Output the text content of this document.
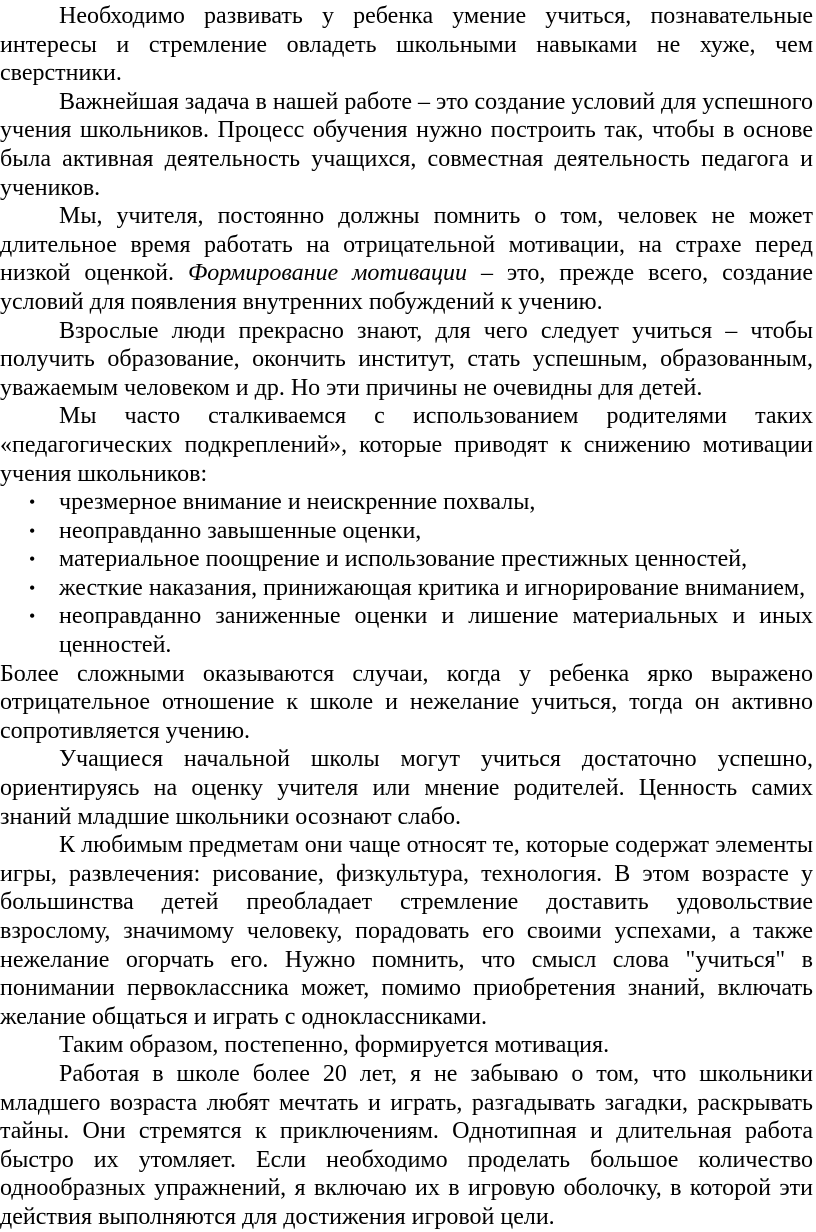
Необходимо развивать у ребенка умение учиться, познавательные интересы и стремление овладеть школьными навыками не хуже, чем сверстники.

Важнейшая задача в нашей работе – это создание условий для успешного учения школьников. Процесс обучения нужно построить так, чтобы в основе была активная деятельность учащихся, совместная деятельность педагога и учеников.

Мы, учителя, постоянно должны помнить о том, человек не может длительное время работать на отрицательной мотивации, на страхе перед низкой оценкой. Формирование мотивации – это, прежде всего, создание условий для появления внутренних побуждений к учению.

Взрослые люди прекрасно знают, для чего следует учиться – чтобы получить образование, окончить институт, стать успешным, образованным, уважаемым человеком и др. Но эти причины не очевидны для детей.

Мы часто сталкиваемся с использованием родителями таких «педагогических подкреплений», которые приводят к снижению мотивации учения школьников:

• чрезмерное внимание и неискренние похвалы,
• неоправданно завышенные оценки,
• материальное поощрение и использование престижных ценностей,
• жесткие наказания, принижающая критика и игнорирование вниманием,
• неоправданно заниженные оценки и лишение материальных и иных ценностей.

Более сложными оказываются случаи, когда у ребенка ярко выражено отрицательное отношение к школе и нежелание учиться, тогда он активно сопротивляется учению.

Учащиеся начальной школы могут учиться достаточно успешно, ориентируясь на оценку учителя или мнение родителей. Ценность самих знаний младшие школьники осознают слабо.

К любимым предметам они чаще относят те, которые содержат элементы игры, развлечения: рисование, физкультура, технология. В этом возрасте у большинства детей преобладает стремление доставить удовольствие взрослому, значимому человеку, порадовать его своими успехами, а также нежелание огорчать его. Нужно помнить, что смысл слова "учиться" в понимании первоклассника может, помимо приобретения знаний, включать желание общаться и играть с одноклассниками.

Таким образом, постепенно, формируется мотивация.

Работая в школе более 20 лет, я не забываю о том, что школьники младшего возраста любят мечтать и играть, разгадывать загадки, раскрывать тайны. Они стремятся к приключениям. Однотипная и длительная работа быстро их утомляет. Если необходимо проделать большое количество однообразных упражнений, я включаю их в игровую оболочку, в которой эти действия выполняются для достижения игровой цели.
